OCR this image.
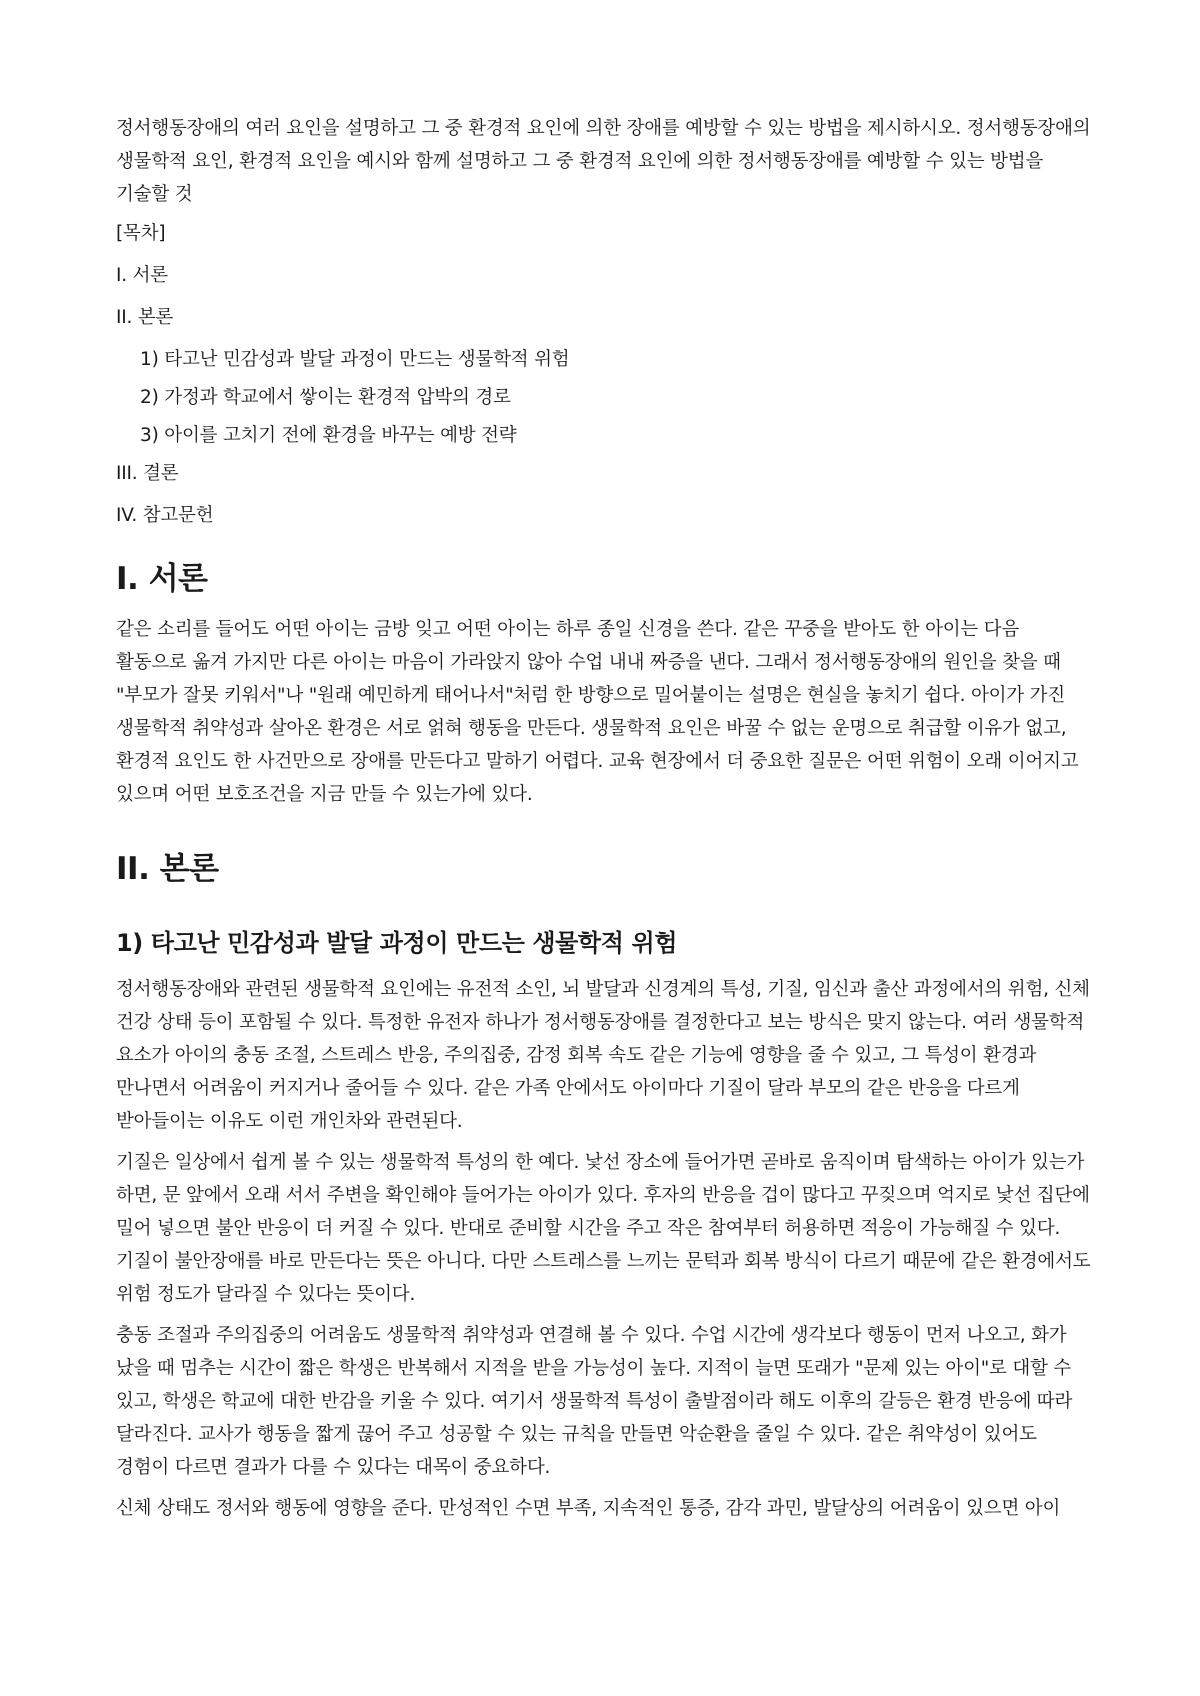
정서행동장애의 여러 요인을 설명하고 그 중 환경적 요인에 의한 장애를 예방할 수 있는 방법을 제시하시오. 정서행동장애의 생물학적 요인, 환경적 요인을 예시와 함께 설명하고 그 중 환경적 요인에 의한 정서행동장애를 예방할 수 있는 방법을 기술할 것

[목차]

I. 서론

II. 본론

1) 타고난 민감성과 발달 과정이 만드는 생물학적 위험

2) 가정과 학교에서 쌓이는 환경적 압박의 경로

3) 아이를 고치기 전에 환경을 바꾸는 예방 전략

III. 결론

IV. 참고문헌

I. 서론

같은 소리를 들어도 어떤 아이는 금방 잊고 어떤 아이는 하루 종일 신경을 쓴다. 같은 꾸중을 받아도 한 아이는 다음 활동으로 옮겨 가지만 다른 아이는 마음이 가라앉지 않아 수업 내내 짜증을 낸다. 그래서 정서행동장애의 원인을 찾을 때 "부모가 잘못 키워서"나 "원래 예민하게 태어나서"처럼 한 방향으로 밀어붙이는 설명은 현실을 놓치기 쉽다. 아이가 가진 생물학적 취약성과 살아온 환경은 서로 얽혀 행동을 만든다. 생물학적 요인은 바꿀 수 없는 운명으로 취급할 이유가 없고, 환경적 요인도 한 사건만으로 장애를 만든다고 말하기 어렵다. 교육 현장에서 더 중요한 질문은 어떤 위험이 오래 이어지고 있으며 어떤 보호조건을 지금 만들 수 있는가에 있다.

II. 본론
1) 타고난 민감성과 발달 과정이 만드는 생물학적 위험

정서행동장애와 관련된 생물학적 요인에는 유전적 소인, 뇌 발달과 신경계의 특성, 기질, 임신과 출산 과정에서의 위험, 신체 건강 상태 등이 포함될 수 있다. 특정한 유전자 하나가 정서행동장애를 결정한다고 보는 방식은 맞지 않는다. 여러 생물학적 요소가 아이의 충동 조절, 스트레스 반응, 주의집중, 감정 회복 속도 같은 기능에 영향을 줄 수 있고, 그 특성이 환경과 만나면서 어려움이 커지거나 줄어들 수 있다. 같은 가족 안에서도 아이마다 기질이 달라 부모의 같은 반응을 다르게 받아들이는 이유도 이런 개인차와 관련된다.

기질은 일상에서 쉽게 볼 수 있는 생물학적 특성의 한 예다. 낯선 장소에 들어가면 곧바로 움직이며 탐색하는 아이가 있는가 하면, 문 앞에서 오래 서서 주변을 확인해야 들어가는 아이가 있다. 후자의 반응을 겁이 많다고 꾸짖으며 억지로 낯선 집단에 밀어 넣으면 불안 반응이 더 커질 수 있다. 반대로 준비할 시간을 주고 작은 참여부터 허용하면 적응이 가능해질 수 있다. 기질이 불안장애를 바로 만든다는 뜻은 아니다. 다만 스트레스를 느끼는 문턱과 회복 방식이 다르기 때문에 같은 환경에서도 위험 정도가 달라질 수 있다는 뜻이다.

충동 조절과 주의집중의 어려움도 생물학적 취약성과 연결해 볼 수 있다. 수업 시간에 생각보다 행동이 먼저 나오고, 화가 났을 때 멈추는 시간이 짧은 학생은 반복해서 지적을 받을 가능성이 높다. 지적이 늘면 또래가 "문제 있는 아이"로 대할 수 있고, 학생은 학교에 대한 반감을 키울 수 있다. 여기서 생물학적 특성이 출발점이라 해도 이후의 갈등은 환경 반응에 따라 달라진다. 교사가 행동을 짧게 끊어 주고 성공할 수 있는 규칙을 만들면 악순환을 줄일 수 있다. 같은 취약성이 있어도 경험이 다르면 결과가 다를 수 있다는 대목이 중요하다.

신체 상태도 정서와 행동에 영향을 준다. 만성적인 수면 부족, 지속적인 통증, 감각 과민, 발달상의 어려움이 있으면 아이
